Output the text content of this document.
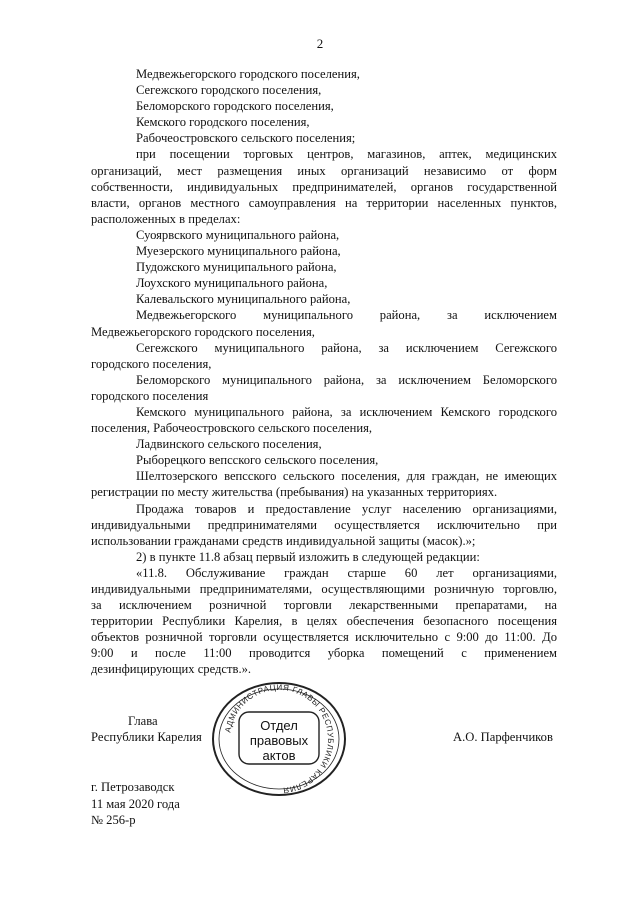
2
Медвежьегорского городского поселения,
Сегежского городского поселения,
Беломорского городского поселения,
Кемского городского поселения,
Рабочеостровского сельского поселения;
при посещении торговых центров, магазинов, аптек, медицинских
организаций, мест размещения иных организаций независимо от форм
собственности, индивидуальных предпринимателей, органов государственной
власти, органов местного самоуправления на территории населенных пунктов,
расположенных в пределах:
Суоярвского муниципального района,
Муезерского муниципального района,
Пудожского муниципального района,
Лоухского муниципального района,
Калевальского муниципального района,
Медвежьегорского муниципального района, за исключением
Медвежьегорского городского поселения,
Сегежского муниципального района, за исключением Сегежского
городского поселения,
Беломорского муниципального района, за исключением Беломорского
городского поселения
Кемского муниципального района, за исключением Кемского городского
поселения, Рабочеостровского сельского поселения,
Ладвинского сельского поселения,
Рыборецкого вепсского сельского поселения,
Шелтозерского вепсского сельского поселения, для граждан, не имеющих
регистрации по месту жительства (пребывания) на указанных территориях.
Продажа товаров и предоставление услуг населению организациями,
индивидуальными предпринимателями осуществляется исключительно при
использовании гражданами средств индивидуальной защиты (масок).»;
2) в пункте 11.8 абзац первый изложить в следующей редакции:
«11.8. Обслуживание граждан старше 60 лет организациями,
индивидуальными предпринимателями, осуществляющими розничную торговлю,
за исключением розничной торговли лекарственными препаратами, на
территории Республики Карелия, в целях обеспечения безопасного посещения
объектов розничной торговли осуществляется исключительно с 9:00 до 11:00. До
9:00 и после 11:00 проводится уборка помещений с применением
дезинфицирующих средств.».
Глава
Республики Карелия	А.О. Парфенчиков
АДМИНИСТРАЦИЯ ГЛАВЫ РЕСПУБЛИКИ КАРЕЛИЯ
Отдел
правовых
актов
г. Петрозаводск
11 мая 2020 года
№ 256-р
